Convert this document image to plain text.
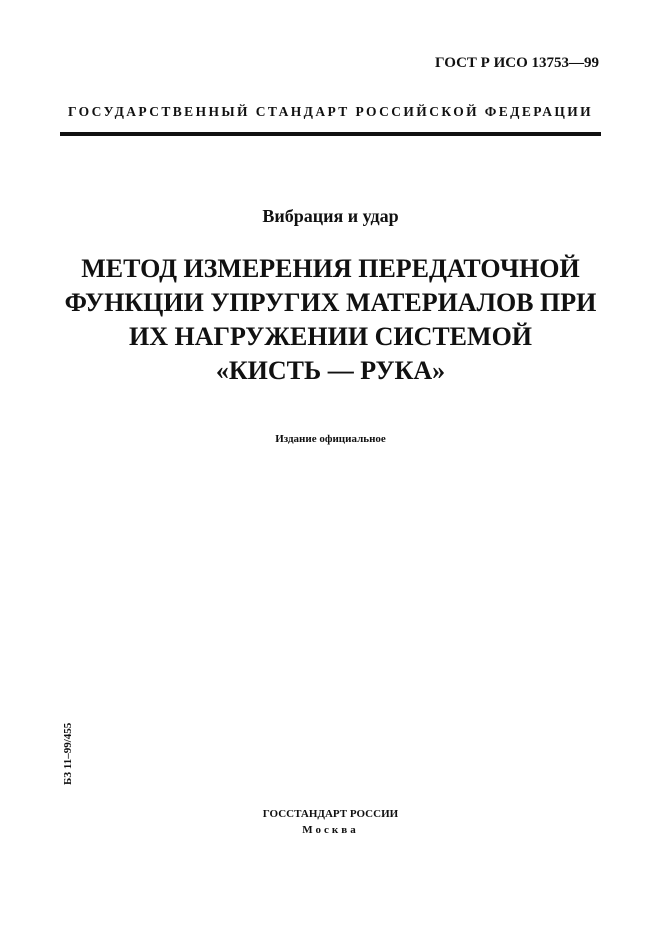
ГОСТ Р ИСО 13753—99
ГОСУДАРСТВЕННЫЙ СТАНДАРТ РОССИЙСКОЙ ФЕДЕРАЦИИ
Вибрация и удар
МЕТОД ИЗМЕРЕНИЯ ПЕРЕДАТОЧНОЙ
ФУНКЦИИ УПРУГИХ МАТЕРИАЛОВ ПРИ
ИХ НАГРУЖЕНИИ СИСТЕМОЙ
«КИСТЬ — РУКА»
Издание официальное
БЗ 11–99/455
ГОССТАНДАРТ РОССИИ
Москва
